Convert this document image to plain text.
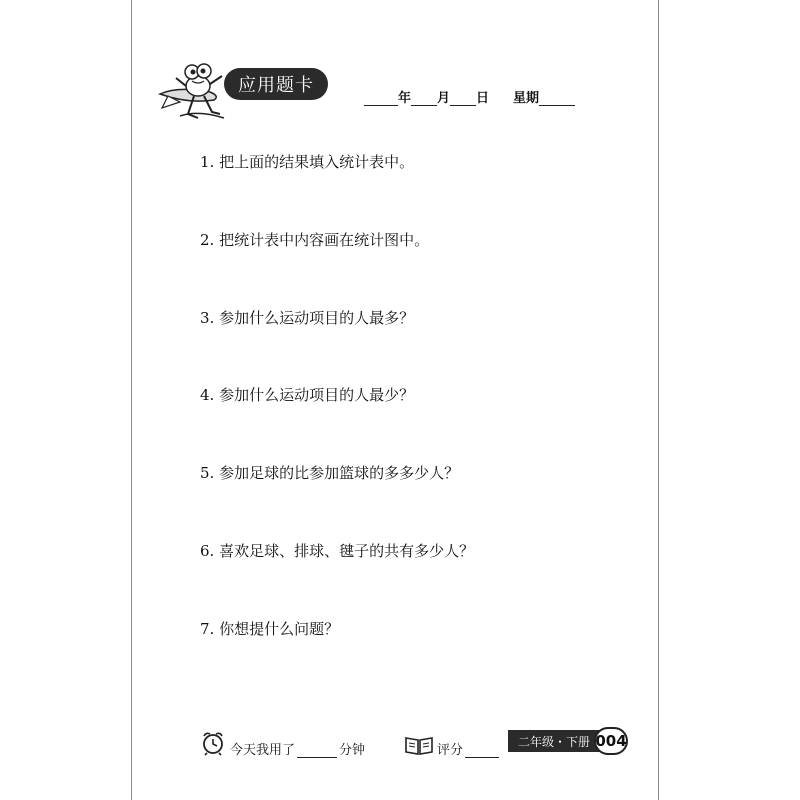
应用题卡
年 月 日 星期
1. 把上面的结果填入统计表中。
2. 把统计表中内容画在统计图中。
3. 参加什么运动项目的人最多？
4. 参加什么运动项目的人最少？
5. 参加足球的比参加篮球的多多少人？
6. 喜欢足球、排球、毽子的共有多少人？
7. 你想提什么问题？
今天我用了	分钟	评分
二年级・下册 004
